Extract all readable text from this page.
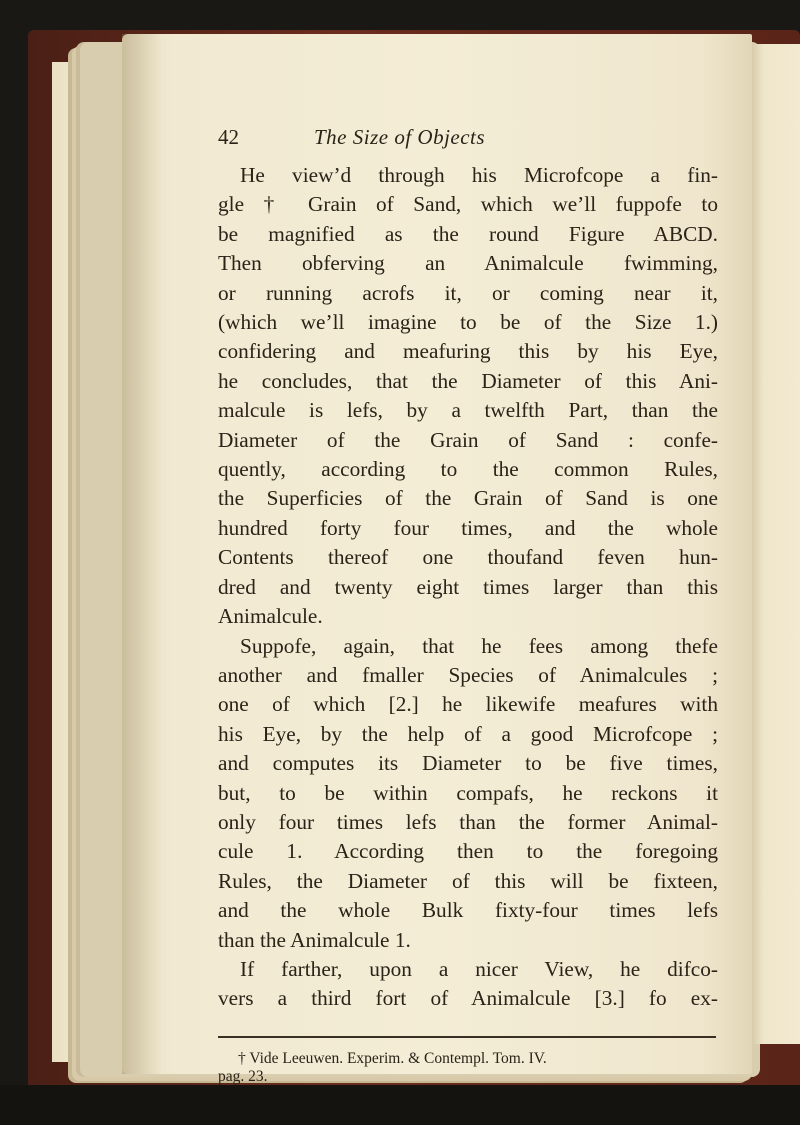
42	The Size of Objects
He view’d through his Microfcope a fin-
gle † Grain of Sand, which we’ll fuppofe to
be magnified as the round Figure ABCD.
Then obferving an Animalcule fwimming,
or running acrofs it, or coming near it,
(which we’ll imagine to be of the Size 1.)
confidering and meafuring this by his Eye,
he concludes, that the Diameter of this Ani-
malcule is lefs, by a twelfth Part, than the
Diameter of the Grain of Sand : confe-
quently, according to the common Rules,
the Superficies of the Grain of Sand is one
hundred forty four times, and the whole
Contents thereof one thoufand feven hun-
dred and twenty eight times larger than this
Animalcule.
Suppofe, again, that he fees among thefe
another and fmaller Species of Animalcules ;
one of which [2.] he likewife meafures with
his Eye, by the help of a good Microfcope ;
and computes its Diameter to be five times,
but, to be within compafs, he reckons it
only four times lefs than the former Animal-
cule 1. According then to the foregoing
Rules, the Diameter of this will be fixteen,
and the whole Bulk fixty-four times lefs
than the Animalcule 1.
If farther, upon a nicer View, he difco-
vers a third fort of Animalcule [3.] fo ex-
† Vide Leeuwen. Experim. & Contempl. Tom. IV.
pag. 23.
